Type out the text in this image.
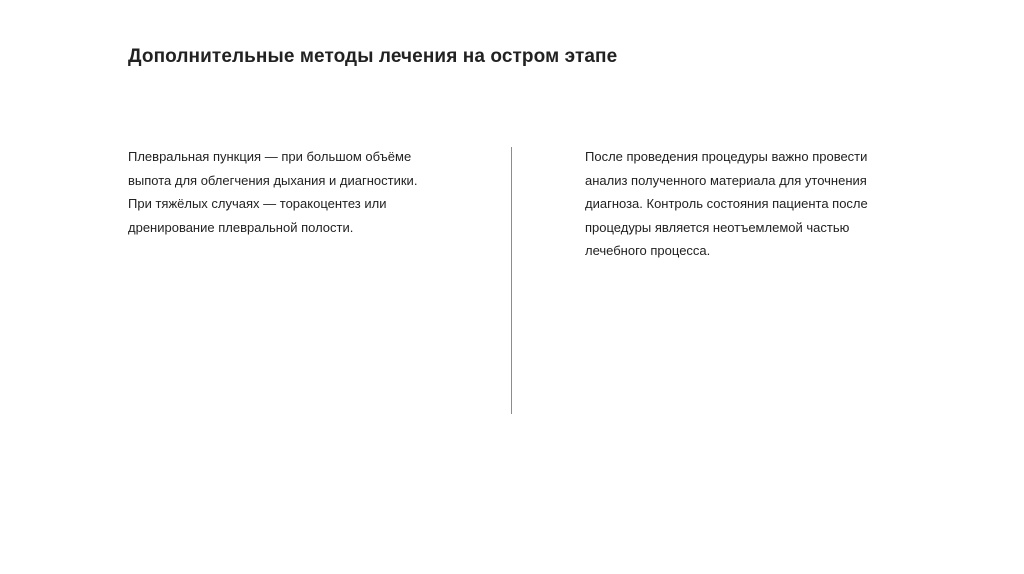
Дополнительные методы лечения на остром этапе
Плевральная пункция — при большом объёме
выпота для облегчения дыхания и диагностики.
При тяжёлых случаях — торакоцентез или
дренирование плевральной полости.
После проведения процедуры важно провести
анализ полученного материала для уточнения
диагноза. Контроль состояния пациента после
процедуры является неотъемлемой частью
лечебного процесса.
